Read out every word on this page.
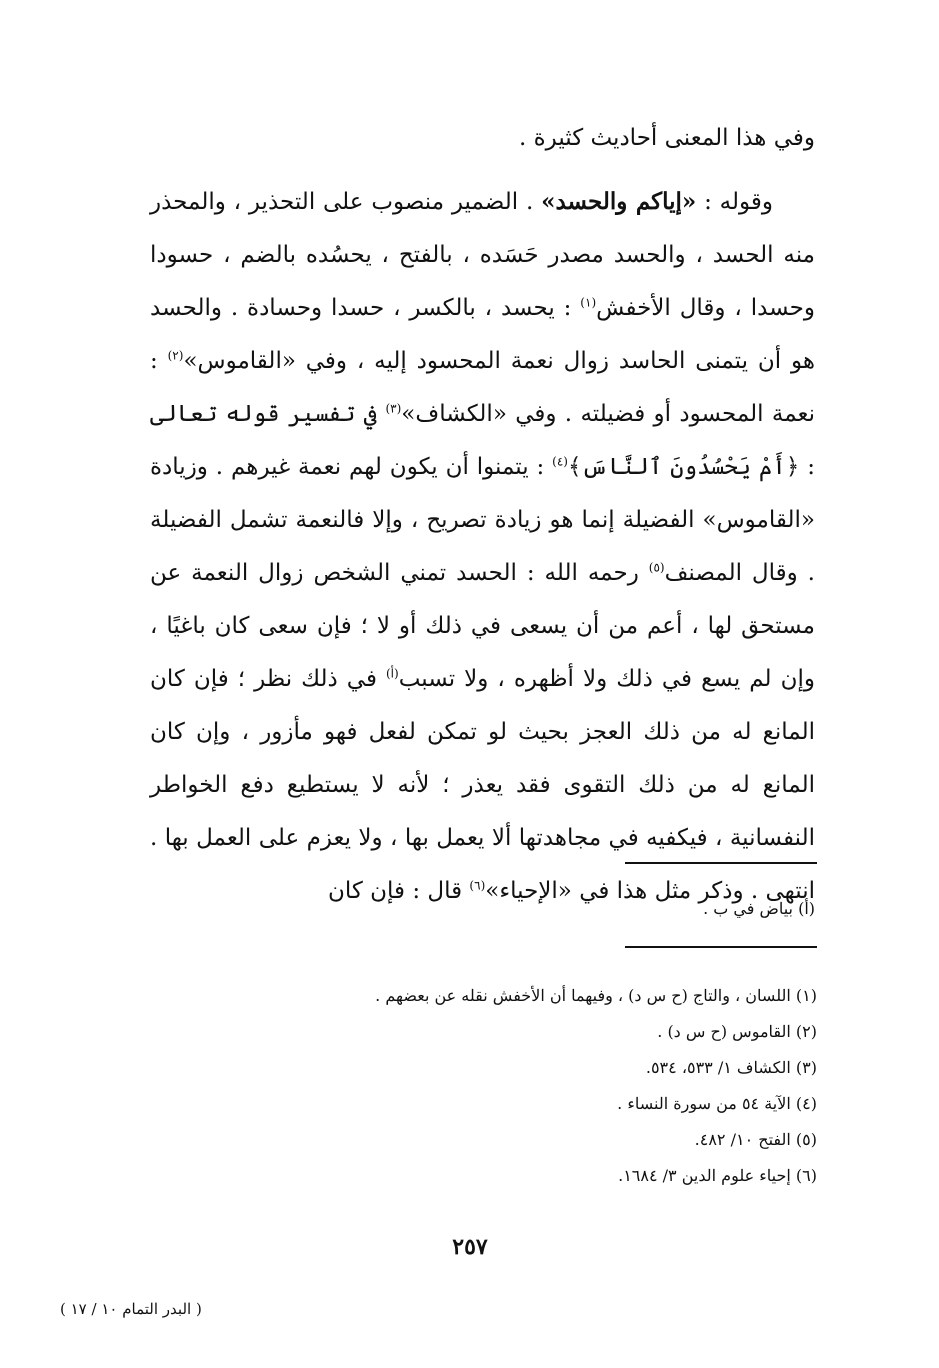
وفي هذا المعنى أحاديث كثيرة .

وقوله : «إياكم والحسد» . الضمير منصوب على التحذير ، والمحذر منه الحسد ، والحسد مصدر حَسَده ، بالفتح ، يحسُده بالضم ، حسودا وحسدا ، وقال الأخفش$^{(١)}$ : يحسد ، بالكسر ، حسدا وحسادة . والحسد هو أن يتمنى الحاسد زوال نعمة المحسود إليه ، وفي «القاموس»$^{(٢)}$ : نعمة المحسود أو فضيلته . وفي «الكشاف»$^{(٣)}$ في تفسير قوله تعالى : ﴿أَمْ يَحْسُدُونَ ٱلنَّاسَ﴾$^{(٤)}$ : يتمنوا أن يكون لهم نعمة غيرهم . وزيادة «القاموس» الفضيلة إنما هو زيادة تصريح ، وإلا فالنعمة تشمل الفضيلة . وقال المصنف$^{(٥)}$ رحمه الله : الحسد تمني الشخص زوال النعمة عن مستحق لها ، أعم من أن يسعى في ذلك أو لا ؛ فإن سعى كان باغيًا ، وإن لم يسع في ذلك ولا أظهره ، ولا تسبب$^{(أ)}$ في ذلك نظر ؛ فإن كان المانع له من ذلك العجز بحيث لو تمكن لفعل فهو مأزور ، وإن كان المانع له من ذلك التقوى فقد يعذر ؛ لأنه لا يستطيع دفع الخواطر النفسانية ، فيكفيه في مجاهدتها ألا يعمل بها ، ولا يعزم على العمل بها . انتهى . وذكر مثل هذا في «الإحياء»$^{(٦)}$ قال : فإن كان

(أ) بياض في ب .

(١) اللسان ، والتاج (ح س د) ، وفيهما أن الأخفش نقله عن بعضهم .
(٢) القاموس (ح س د) .
(٣) الكشاف ١/ ٥٣٣، ٥٣٤.
(٤) الآية ٥٤ من سورة النساء .
(٥) الفتح ١٠/ ٤٨٢.
(٦) إحياء علوم الدين ٣/ ١٦٨٤.
٢٥٧
( البدر التمام ١٠ / ١٧ )
